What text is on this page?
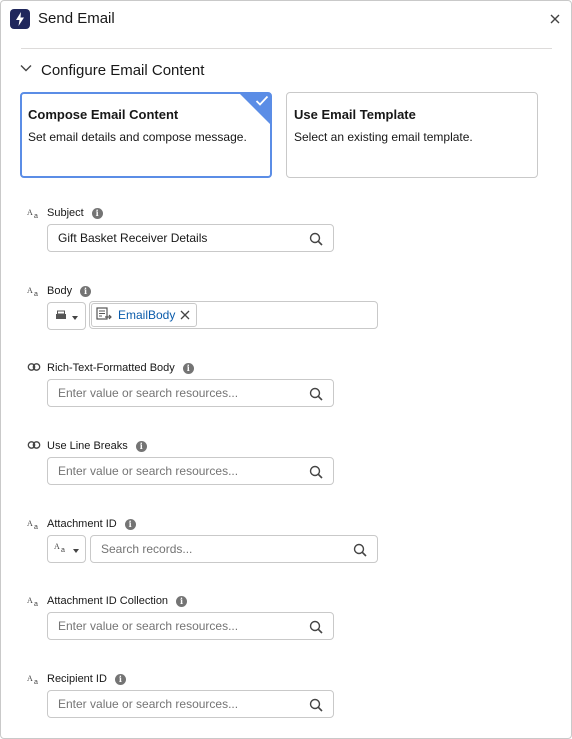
Send Email
Configure Email Content
Compose Email Content
Set email details and compose message.
Use Email Template
Select an existing email template.
A a Subject	i
Gift Basket Receiver Details
A a Body	i
EmailBody
Rich-Text-Formatted Body	i
Enter value or search resources...
Use Line Breaks	i
Enter value or search resources...
A a Attachment ID	i
A a	Search records...
A a Attachment ID Collection	i
Enter value or search resources...
A a Recipient ID	i
Enter value or search resources...
